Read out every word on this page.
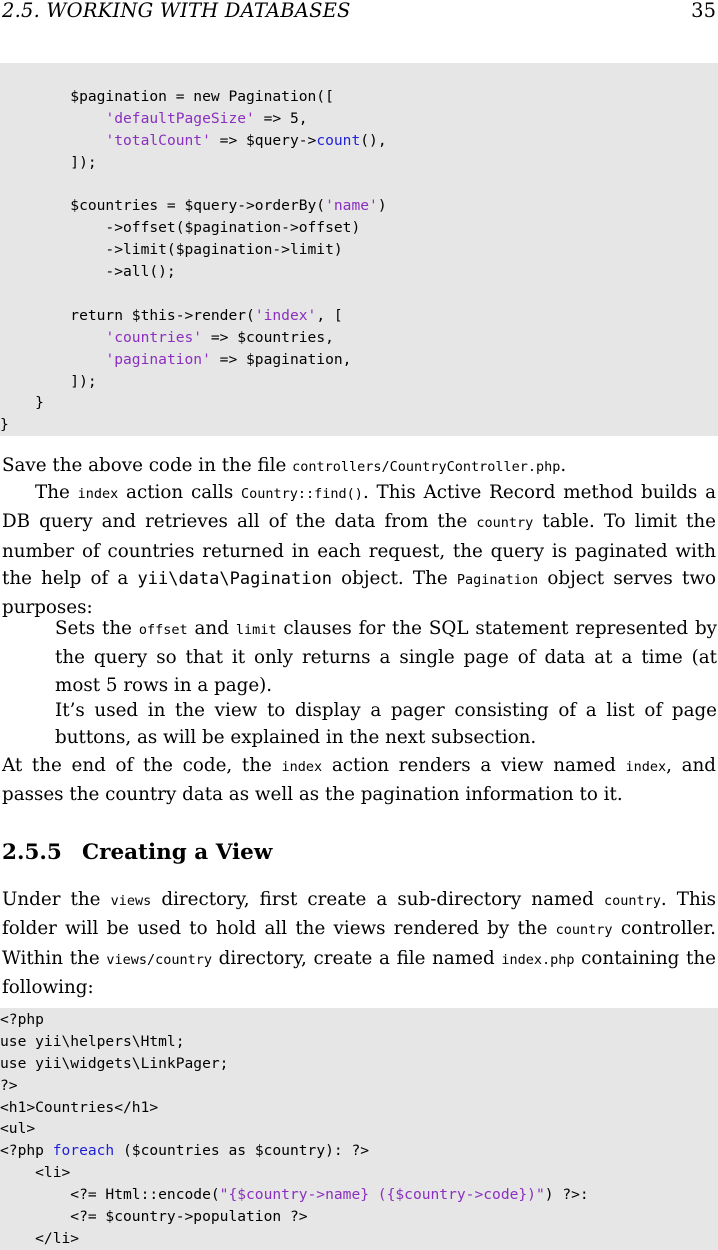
2.5. WORKING WITH DATABASES	35
$pagination = new Pagination([
'defaultPageSize' => 5,
'totalCount' => $query->count(),
]);
$countries = $query->orderBy('name')
->offset($pagination->offset)
->limit($pagination->limit)
->all();
return $this->render('index', [
'countries' => $countries,
'pagination' => $pagination,
]);
}
}
Save the above code in the file controllers/CountryController.php.
The index action calls Country::find(). This Active Record method builds a DB query and retrieves all of the data from the country table. To limit the number of countries returned in each request, the query is paginated with the help of a yii\data\Pagination object. The Pagination object serves two purposes:
Sets the offset and limit clauses for the SQL statement represented by the query so that it only returns a single page of data at a time (at most 5 rows in a page).
It’s used in the view to display a pager consisting of a list of page buttons, as will be explained in the next subsection.
At the end of the code, the index action renders a view named index, and passes the country data as well as the pagination information to it.
2.5.5 Creating a View
Under the views directory, first create a sub-directory named country. This folder will be used to hold all the views rendered by the country controller. Within the views/country directory, create a file named index.php containing the following:
<?php
use yii\helpers\Html;
use yii\widgets\LinkPager;
?>
<h1>Countries</h1>
<ul>
<?php foreach ($countries as $country): ?>
<li>
<?= Html::encode("{$country->name} ({$country->code})") ?>:
<?= $country->population ?>
</li>
